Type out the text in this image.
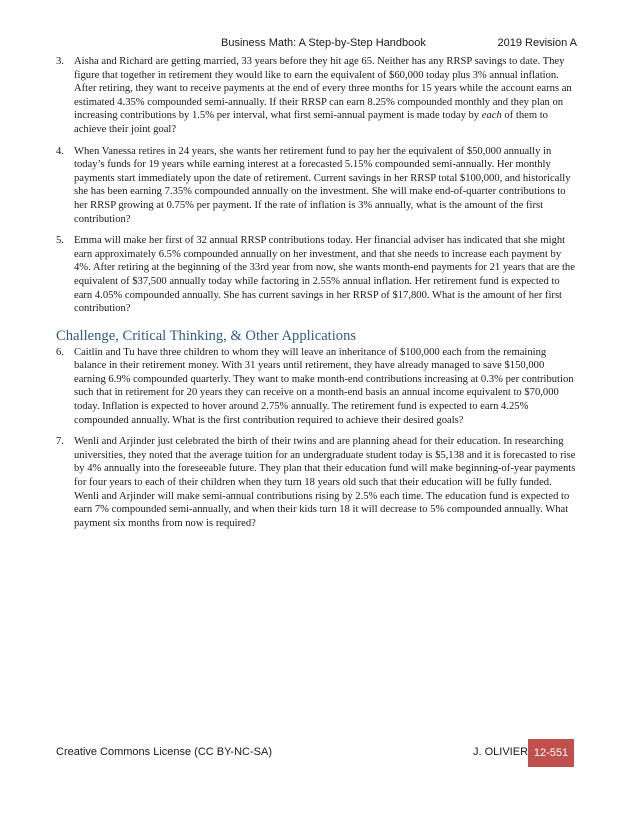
Business Math: A Step-by-Step Handbook	2019 Revision A
3. Aisha and Richard are getting married, 33 years before they hit age 65. Neither has any RRSP savings to date. They figure that together in retirement they would like to earn the equivalent of $60,000 today plus 3% annual inflation. After retiring, they want to receive payments at the end of every three months for 15 years while the account earns an estimated 4.35% compounded semi-annually. If their RRSP can earn 8.25% compounded monthly and they plan on increasing contributions by 1.5% per interval, what first semi-annual payment is made today by each of them to achieve their joint goal?
4. When Vanessa retires in 24 years, she wants her retirement fund to pay her the equivalent of $50,000 annually in today’s funds for 19 years while earning interest at a forecasted 5.15% compounded semi-annually. Her monthly payments start immediately upon the date of retirement. Current savings in her RRSP total $100,000, and historically she has been earning 7.35% compounded annually on the investment. She will make end-of-quarter contributions to her RRSP growing at 0.75% per payment. If the rate of inflation is 3% annually, what is the amount of the first contribution?
5. Emma will make her first of 32 annual RRSP contributions today. Her financial adviser has indicated that she might earn approximately 6.5% compounded annually on her investment, and that she needs to increase each payment by 4%. After retiring at the beginning of the 33rd year from now, she wants month-end payments for 21 years that are the equivalent of $37,500 annually today while factoring in 2.55% annual inflation. Her retirement fund is expected to earn 4.05% compounded annually. She has current savings in her RRSP of $17,800. What is the amount of her first contribution?
Challenge, Critical Thinking, & Other Applications
6. Caitlin and Tu have three children to whom they will leave an inheritance of $100,000 each from the remaining balance in their retirement money. With 31 years until retirement, they have already managed to save $150,000 earning 6.9% compounded quarterly. They want to make month-end contributions increasing at 0.3% per contribution such that in retirement for 20 years they can receive on a month-end basis an annual income equivalent to $70,000 today. Inflation is expected to hover around 2.75% annually. The retirement fund is expected to earn 4.25% compounded annually. What is the first contribution required to achieve their desired goals?
7. Wenli and Arjinder just celebrated the birth of their twins and are planning ahead for their education. In researching universities, they noted that the average tuition for an undergraduate student today is $5,138 and it is forecasted to rise by 4% annually into the foreseeable future. They plan that their education fund will make beginning-of-year payments for four years to each of their children when they turn 18 years old such that their education will be fully funded. Wenli and Arjinder will make semi-annual contributions rising by 2.5% each time. The education fund is expected to earn 7% compounded semi-annually, and when their kids turn 18 it will decrease to 5% compounded annually. What payment six months from now is required?
Creative Commons License (CC BY-NC-SA)	J. OLIVIER 12-551
